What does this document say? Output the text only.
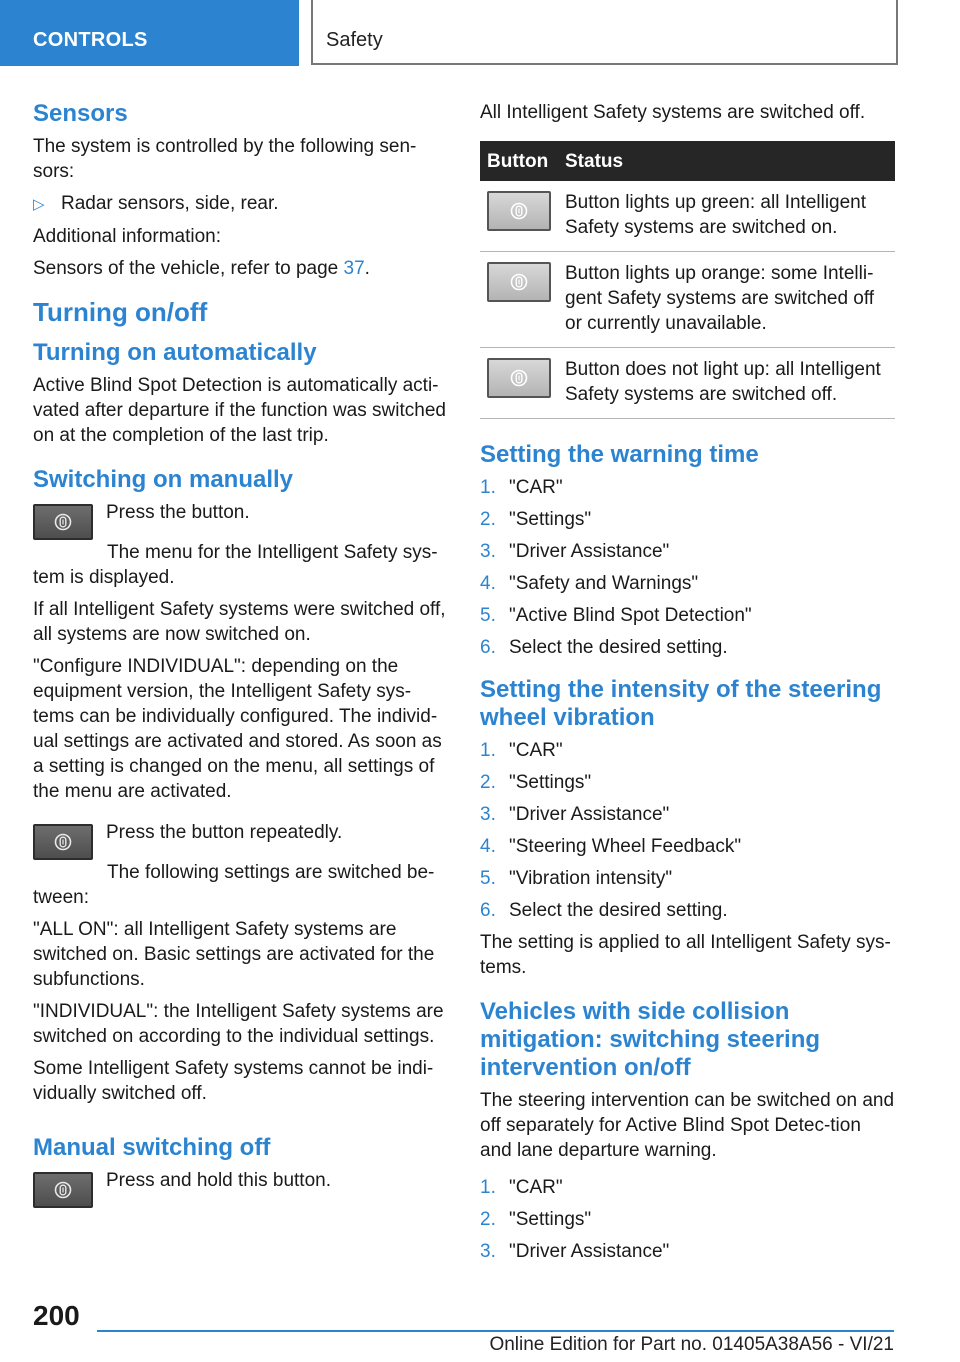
CONTROLS	Safety
Sensors

The system is controlled by the following sen‐sors:

▷ Radar sensors, side, rear.

Additional information:

Sensors of the vehicle, refer to page 37.

Turning on/off
Turning on automatically

Active Blind Spot Detection is automatically acti‐vated after departure if the function was switched on at the completion of the last trip.

Switching on manually

Press the button.

The menu for the Intelligent Safety sys‐tem is displayed.

If all Intelligent Safety systems were switched off, all systems are now switched on.

"Configure INDIVIDUAL": depending on the equipment version, the Intelligent Safety sys‐tems can be individually configured. The individ‐ual settings are activated and stored. As soon as a setting is changed on the menu, all settings of the menu are activated.

Press the button repeatedly.

The following settings are switched be‐tween:

"ALL ON": all Intelligent Safety systems are switched on. Basic settings are activated for the subfunctions.

"INDIVIDUAL": the Intelligent Safety systems are switched on according to the individual settings.

Some Intelligent Safety systems cannot be indi‐vidually switched off.

Manual switching off

Press and hold this button.

All Intelligent Safety systems are switched off.

Button	Status

	Button lights up green: all Intelligent Safety systems are switched on.

	Button lights up orange: some Intelli‐gent Safety systems are switched off or currently unavailable.

	Button does not light up: all Intelligent Safety systems are switched off.
Setting the warning time
1. "CAR"
2. "Settings"
3. "Driver Assistance"
4. "Safety and Warnings"
5. "Active Blind Spot Detection"
6. Select the desired setting.
Setting the intensity of the steering wheel vibration
1. "CAR"
2. "Settings"
3. "Driver Assistance"
4. "Steering Wheel Feedback"
5. "Vibration intensity"
6. Select the desired setting.

The setting is applied to all Intelligent Safety sys‐tems.

Vehicles with side collision mitigation: switching steering intervention on/off

The steering intervention can be switched on and off separately for Active Blind Spot Detec‐tion and lane departure warning.

1. "CAR"
2. "Settings"
3. "Driver Assistance"
200
Online Edition for Part no. 01405A38A56 - VI/21
